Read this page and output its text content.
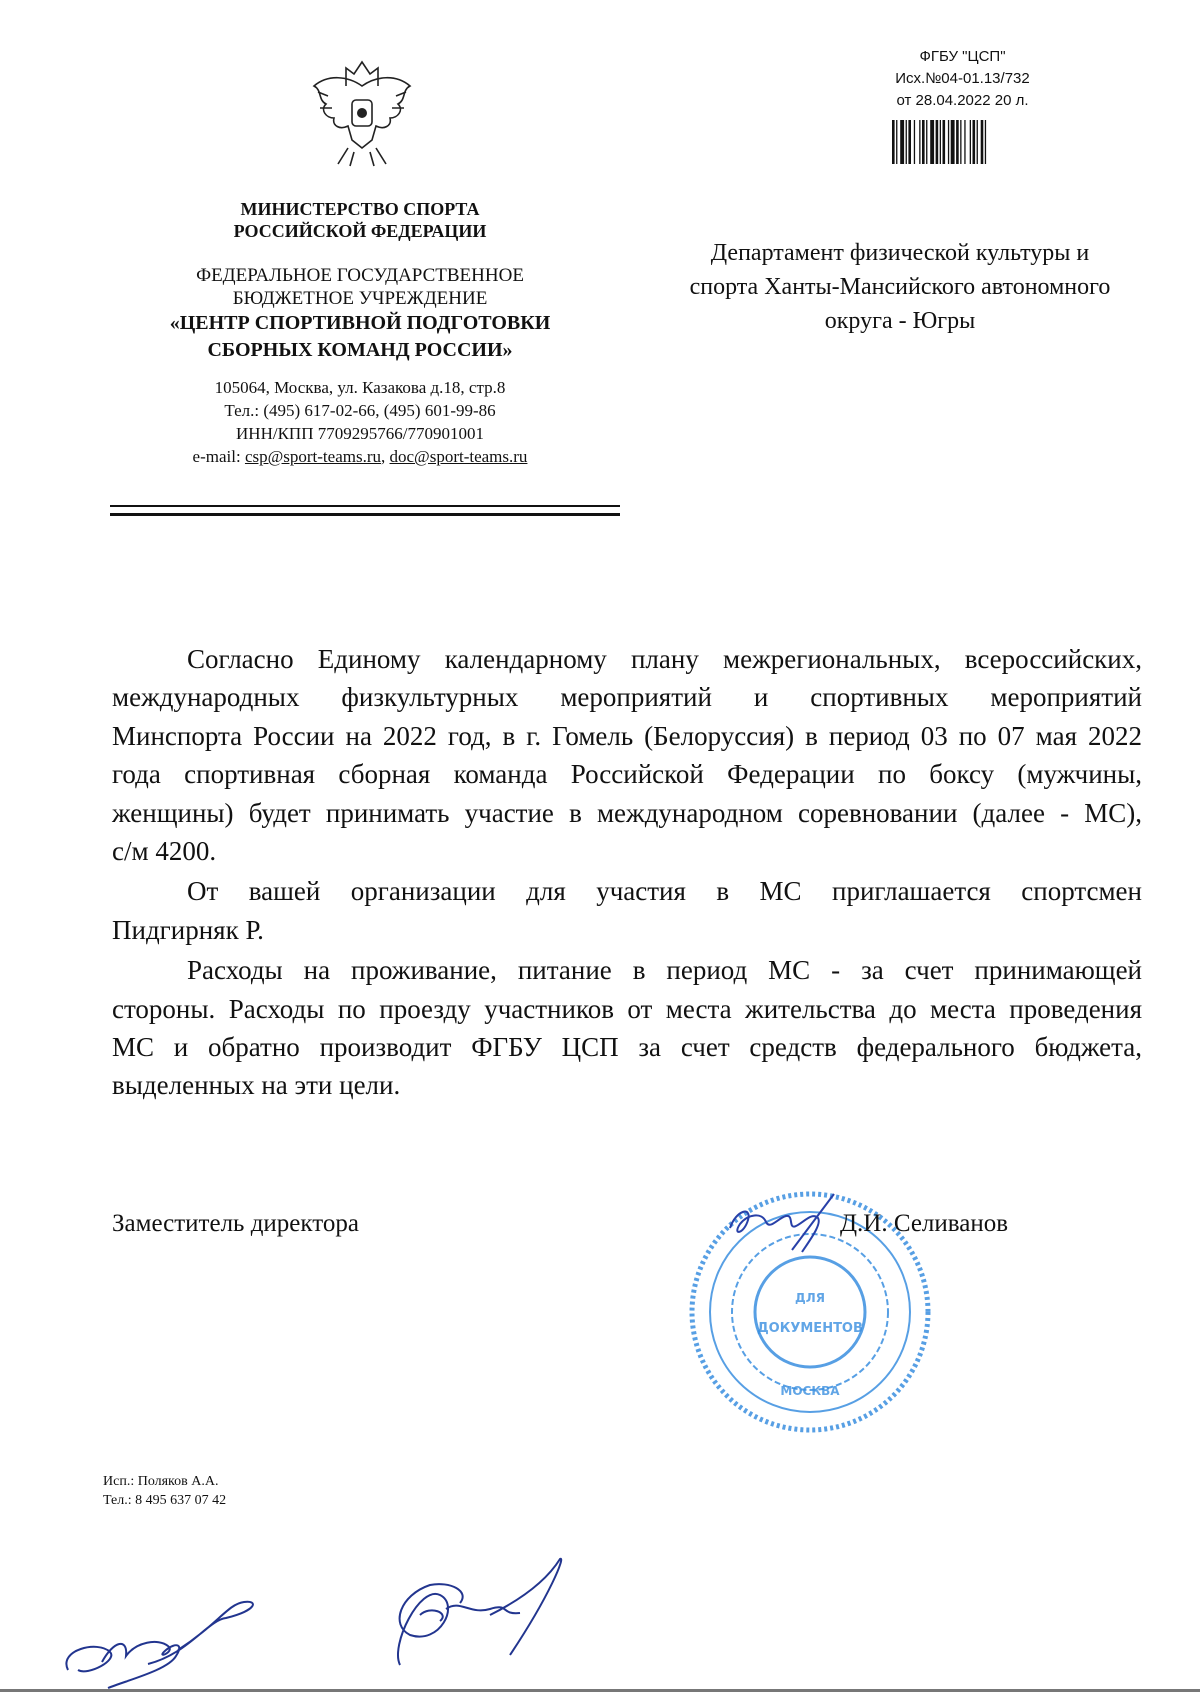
МИНИСТЕРСТВО СПОРТА
РОССИЙСКОЙ ФЕДЕРАЦИИ
ФЕДЕРАЛЬНОЕ ГОСУДАРСТВЕННОЕ
БЮДЖЕТНОЕ УЧРЕЖДЕНИЕ
«ЦЕНТР СПОРТИВНОЙ ПОДГОТОВКИ
СБОРНЫХ КОМАНД РОССИИ»
105064, Москва, ул. Казакова д.18, стр.8
Тел.: (495) 617-02-66, (495) 601-99-86
ИНН/КПП 7709295766/770901001
e-mail: csp@sport-teams.ru, doc@sport-teams.ru
ФГБУ "ЦСП"
Исх.№04-01.13/732
от 28.04.2022 20 л.
Департамент физической культуры и
спорта Ханты-Мансийского автономного
округа - Югры
Согласно Единому календарному плану межрегиональных, всероссийских,
международных физкультурных мероприятий и спортивных мероприятий
Минспорта России на 2022 год, в г. Гомель (Белоруссия) в период 03 по 07 мая 2022
года спортивная сборная команда Российской Федерации по боксу (мужчины,
женщины) будет принимать участие в международном соревновании (далее - МС),
с/м 4200.
От вашей организации для участия в МС приглашается спортсмен
Пидгирняк Р.
Расходы на проживание, питание в период МС - за счет принимающей
стороны. Расходы по проезду участников от места жительства до места проведения
МС и обратно производит ФГБУ ЦСП за счет средств федерального бюджета,
выделенных на эти цели.
Заместитель директора	Д.И. Селиванов
ДЛЯ
ДОКУМЕНТОВ
МОСКВА
Исп.: Поляков А.А.
Тел.: 8 495 637 07 42
